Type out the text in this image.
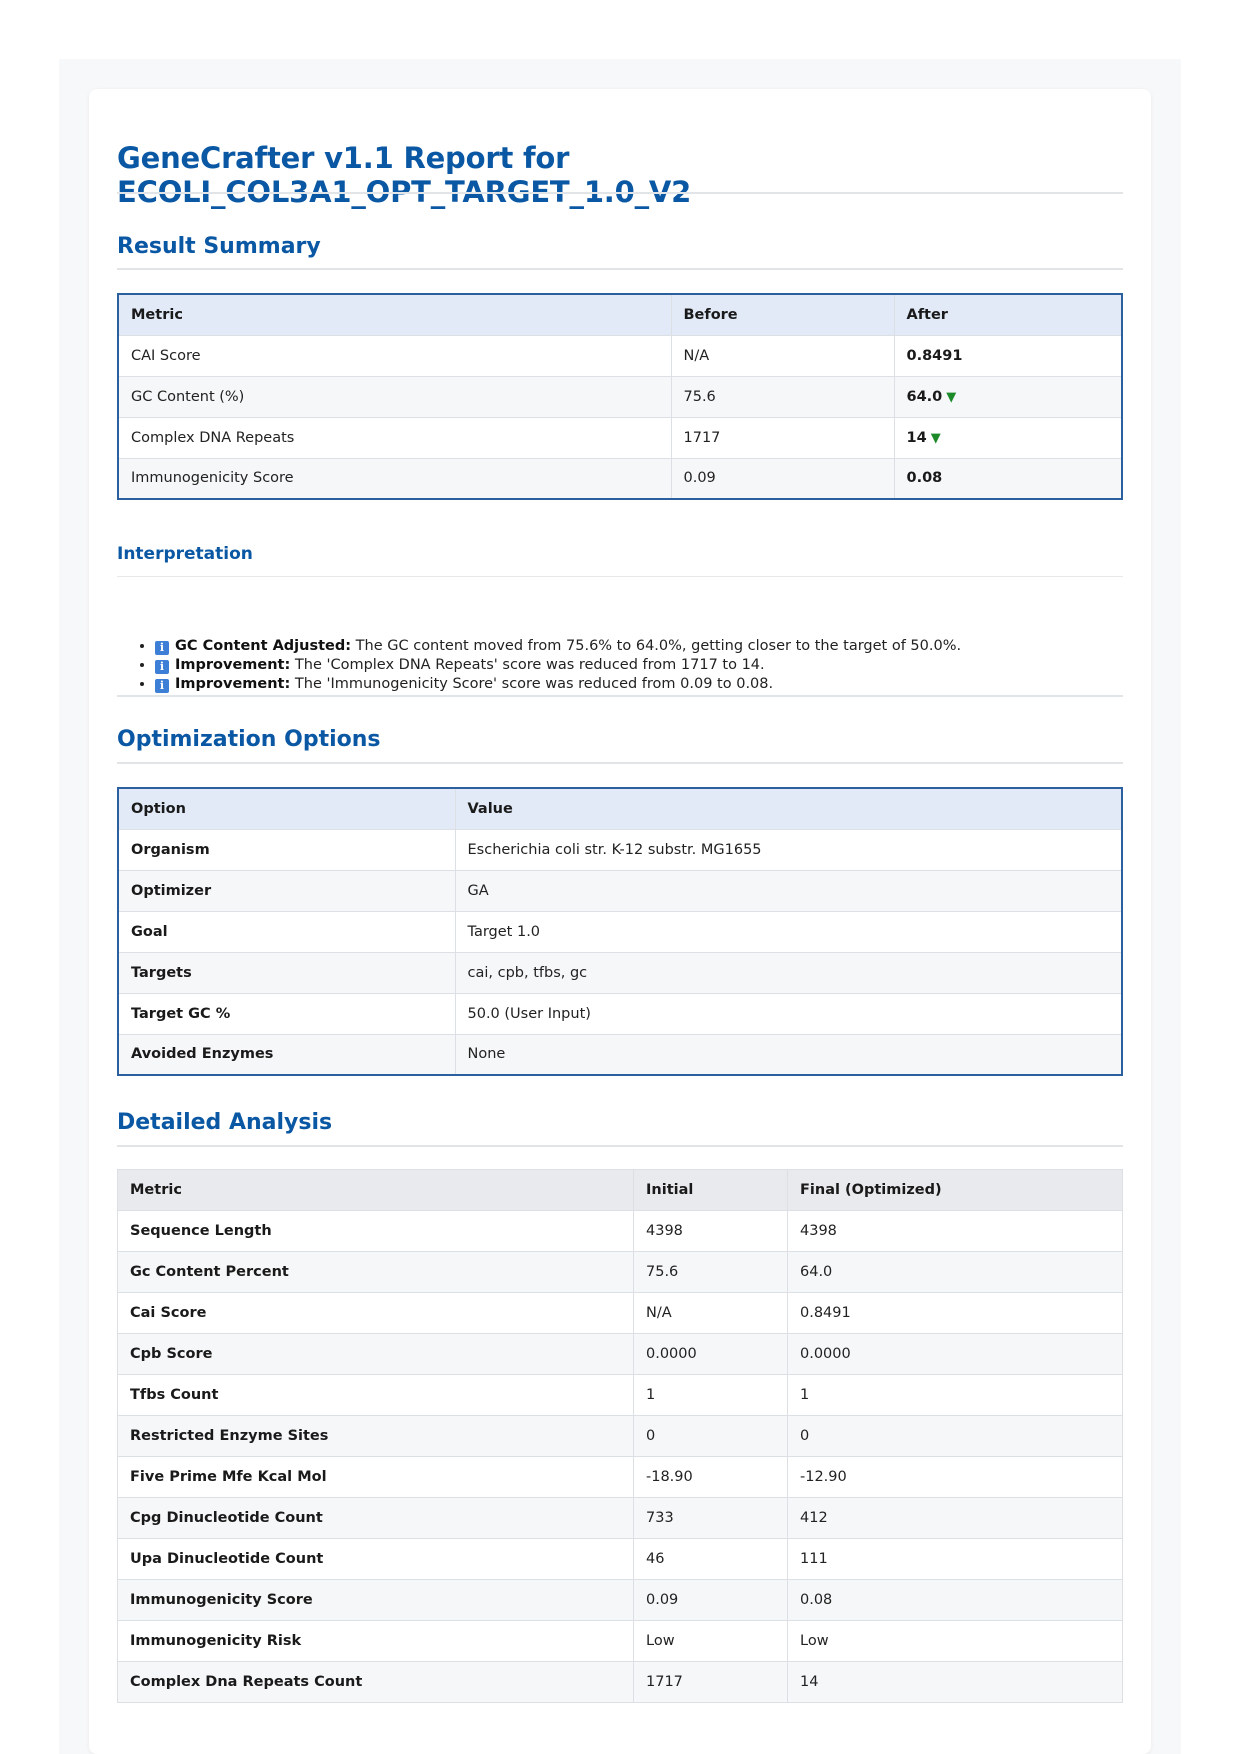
GeneCrafter v1.1 Report for ECOLI_COL3A1_OPT_TARGET_1.0_V2
Result Summary
Metric	Before	After
CAI Score	N/A	0.8491
GC Content (%)	75.6	64.0 ▼
Complex DNA Repeats	1717	14 ▼
Immunogenicity Score	0.09	0.08
Interpretation
• i GC Content Adjusted: The GC content moved from 75.6% to 64.0%, getting closer to the target of 50.0%.
• i Improvement: The 'Complex DNA Repeats' score was reduced from 1717 to 14.
• i Improvement: The 'Immunogenicity Score' score was reduced from 0.09 to 0.08.
Optimization Options
Option	Value
Organism	Escherichia coli str. K-12 substr. MG1655
Optimizer	GA
Goal	Target 1.0
Targets	cai, cpb, tfbs, gc
Target GC %	50.0 (User Input)
Avoided Enzymes	None
Detailed Analysis
Metric	Initial	Final (Optimized)
Sequence Length	4398	4398
Gc Content Percent	75.6	64.0
Cai Score	N/A	0.8491
Cpb Score	0.0000	0.0000
Tfbs Count	1	1
Restricted Enzyme Sites	0	0
Five Prime Mfe Kcal Mol	-18.90	-12.90
Cpg Dinucleotide Count	733	412
Upa Dinucleotide Count	46	111
Immunogenicity Score	0.09	0.08
Immunogenicity Risk	Low	Low
Complex Dna Repeats Count	1717	14
